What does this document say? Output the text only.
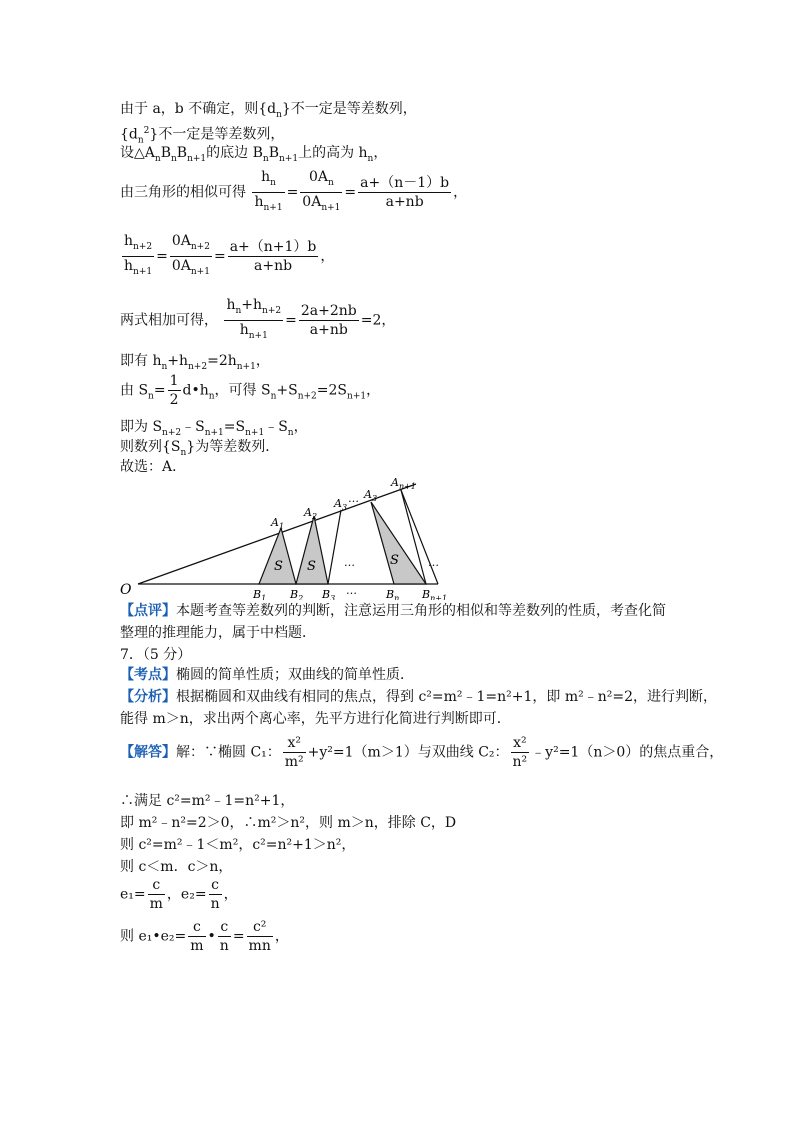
由于 a，b 不确定，则$\{d_n\}$不一定是等差数列，
$\{d_n^2\}$不一定是等差数列，
设$\triangle A_nB_nB_{n+1}$的底边 $B_nB_{n+1}$上的高为 $h_n$，
由三角形的相似可得 $\frac{h_n}{h_{n+1}} = \frac{0A_n}{0A_{n+1}} = \frac{a+(n-1)b}{a+nb}$ ，
$\frac{h_{n+2}}{h_{n+1}} = \frac{0A_{n+2}}{0A_{n+1}} = \frac{a+(n+1)b}{a+nb}$ ，
两式相加可得， $\frac{h_n+h_{n+2}}{h_{n+1}} = \frac{2a+2nb}{a+nb} =2$，
即有 $h_n+h_{n+2}=2h_{n+1}$，
由 $S_n= \frac{1}{2}$ $d•h_n$，可得 $S_n+S_{n+2}=2S_{n+1}$，
即为 $S_{n+2}﹣S_{n+1}=S_{n+1}﹣S_n$，
则数列$\{S_n\}$为等差数列．
故选：A．
O
$A_1$
$A_2$
$A_3$
… $A_3$
$A_{n+1}$
S S	S
…	…
$B_1$ $B_2$ $B_3$
…	$B_n$ $B_{n+1}$
【点评】本题考查等差数列的判断，注意运用三角形的相似和等差数列的性质，考查化简
整理的推理能力，属于中档题．
7．（5 分）
【考点】椭圆的简单性质；双曲线的简单性质．
【分析】根据椭圆和双曲线有相同的焦点，得到 c²=m²﹣1=n²+1，即 m²﹣n²=2，进行判断，
能得 m＞n，求出两个离心率，先平方进行化简进行判断即可．
【解答】解：∵椭圆 C₁： $\frac{\text{x²}}{\text{m²}} +y^2=1(m>1)$与双曲线 C₂： $\frac{\text{x²}}{\text{n²}}$ ﹣y²=1（n＞0）的焦点重合，
∴满足 c²=m²﹣1=n²+1，
即 m²﹣n²=2＞0，∴m²＞n²，则 m＞n，排除 C，D
则 c²=m²﹣1＜m²，c²=n²+1＞n²，
则 c＜m．c＞n，
$e_1= \frac{c}{m}$ ，$e_2= \frac{c}{n}$ ，
则 e₁•e₂= $\frac{c}{m}$ • $\frac{c}{n} = \frac{\text{c²}}{mn}$ ，
